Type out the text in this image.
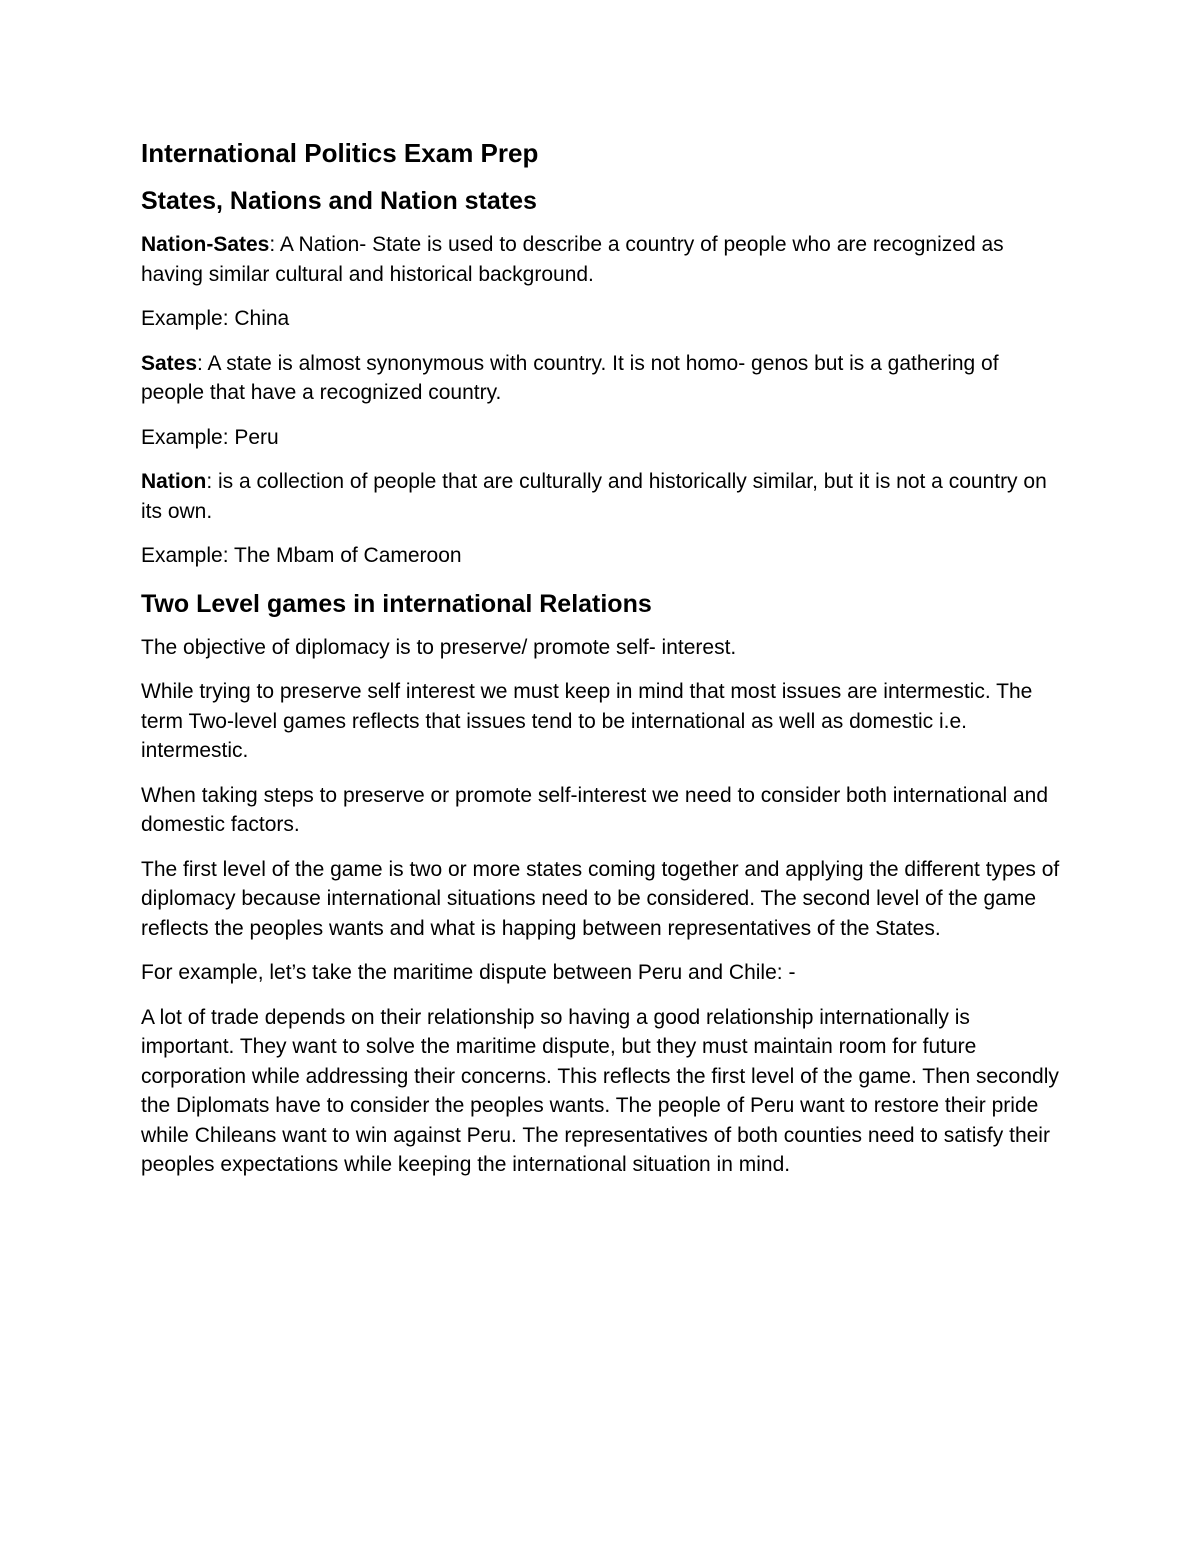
International Politics Exam Prep
States, Nations and Nation states

Nation-Sates: A Nation- State is used to describe a country of people who are recognized as having similar cultural and historical background.

Example: China

Sates: A state is almost synonymous with country. It is not homo- genos but is a gathering of people that have a recognized country.

Example: Peru

Nation: is a collection of people that are culturally and historically similar, but it is not a country on its own.

Example: The Mbam of Cameroon

Two Level games in international Relations

The objective of diplomacy is to preserve/ promote self- interest.

While trying to preserve self interest we must keep in mind that most issues are intermestic. The term Two-level games reflects that issues tend to be international as well as domestic i.e. intermestic.

When taking steps to preserve or promote self-interest we need to consider both international and domestic factors.

The first level of the game is two or more states coming together and applying the different types of diplomacy because international situations need to be considered. The second level of the game reflects the peoples wants and what is happing between representatives of the States.

For example, let’s take the maritime dispute between Peru and Chile: -

A lot of trade depends on their relationship so having a good relationship internationally is important. They want to solve the maritime dispute, but they must maintain room for future corporation while addressing their concerns. This reflects the first level of the game. Then secondly the Diplomats have to consider the peoples wants. The people of Peru want to restore their pride while Chileans want to win against Peru. The representatives of both counties need to satisfy their peoples expectations while keeping the international situation in mind.
